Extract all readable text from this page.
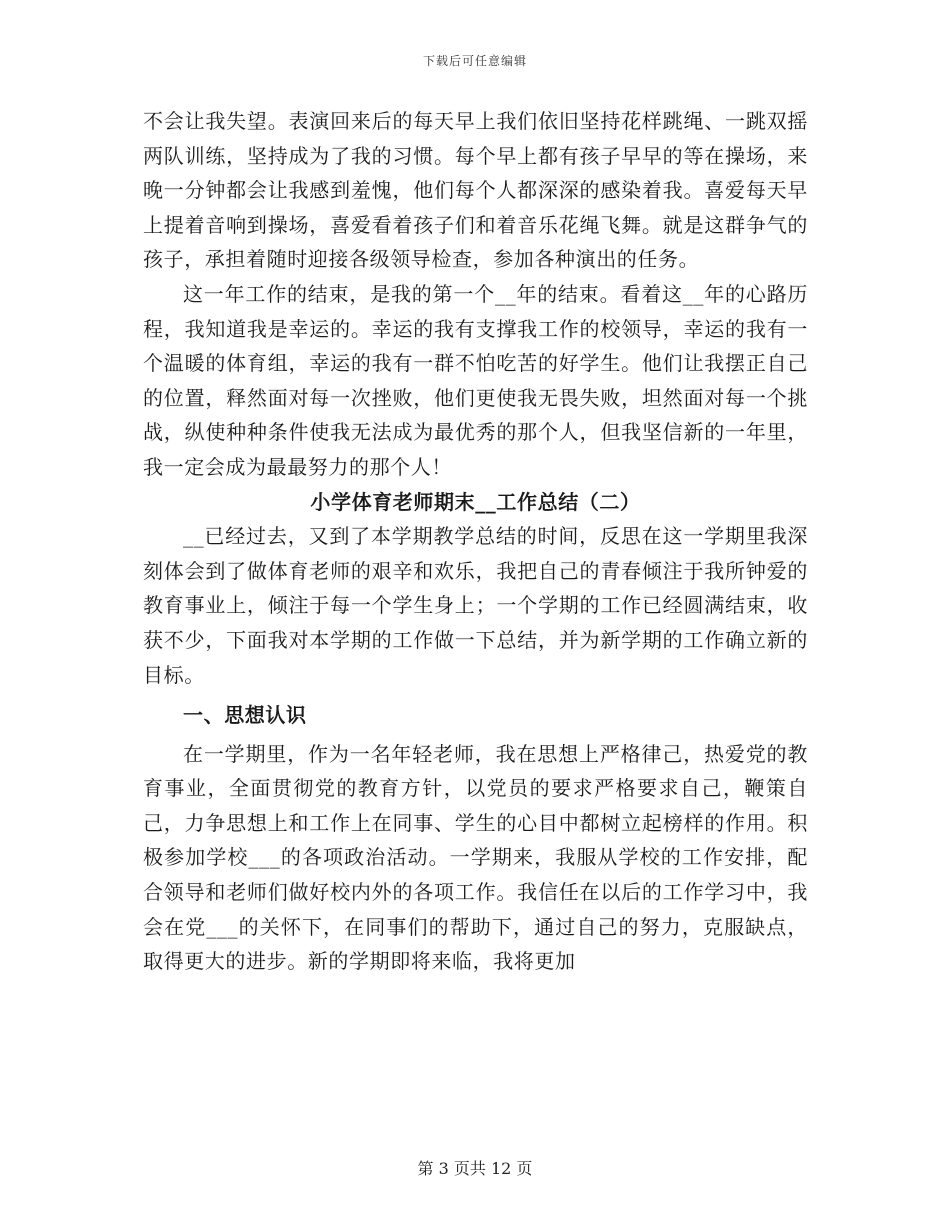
下载后可任意编辑

不会让我失望。表演回来后的每天早上我们依旧坚持花样跳绳、一跳双摇两队训练，坚持成为了我的习惯。每个早上都有孩子早早的等在操场，来晚一分钟都会让我感到羞愧，他们每个人都深深的感染着我。喜爱每天早上提着音响到操场，喜爱看着孩子们和着音乐花绳飞舞。就是这群争气的孩子，承担着随时迎接各级领导检查，参加各种演出的任务。

这一年工作的结束，是我的第一个__年的结束。看着这__年的心路历程，我知道我是幸运的。幸运的我有支撑我工作的校领导，幸运的我有一个温暖的体育组，幸运的我有一群不怕吃苦的好学生。他们让我摆正自己的位置，释然面对每一次挫败，他们更使我无畏失败，坦然面对每一个挑战，纵使种种条件使我无法成为最优秀的那个人，但我坚信新的一年里，我一定会成为最最努力的那个人！

小学体育老师期末__工作总结（二）

__已经过去，又到了本学期教学总结的时间，反思在这一学期里我深刻体会到了做体育老师的艰辛和欢乐，我把自己的青春倾注于我所钟爱的教育事业上，倾注于每一个学生身上；一个学期的工作已经圆满结束，收获不少，下面我对本学期的工作做一下总结，并为新学期的工作确立新的目标。

一、思想认识

在一学期里，作为一名年轻老师，我在思想上严格律己，热爱党的教育事业，全面贯彻党的教育方针，以党员的要求严格要求自己，鞭策自己，力争思想上和工作上在同事、学生的心目中都树立起榜样的作用。积极参加学校___的各项政治活动。一学期来，我服从学校的工作安排，配合领导和老师们做好校内外的各项工作。我信任在以后的工作学习中，我会在党___的关怀下，在同事们的帮助下，通过自己的努力，克服缺点，取得更大的进步。新的学期即将来临，我将更加

第 3 页共 12 页
